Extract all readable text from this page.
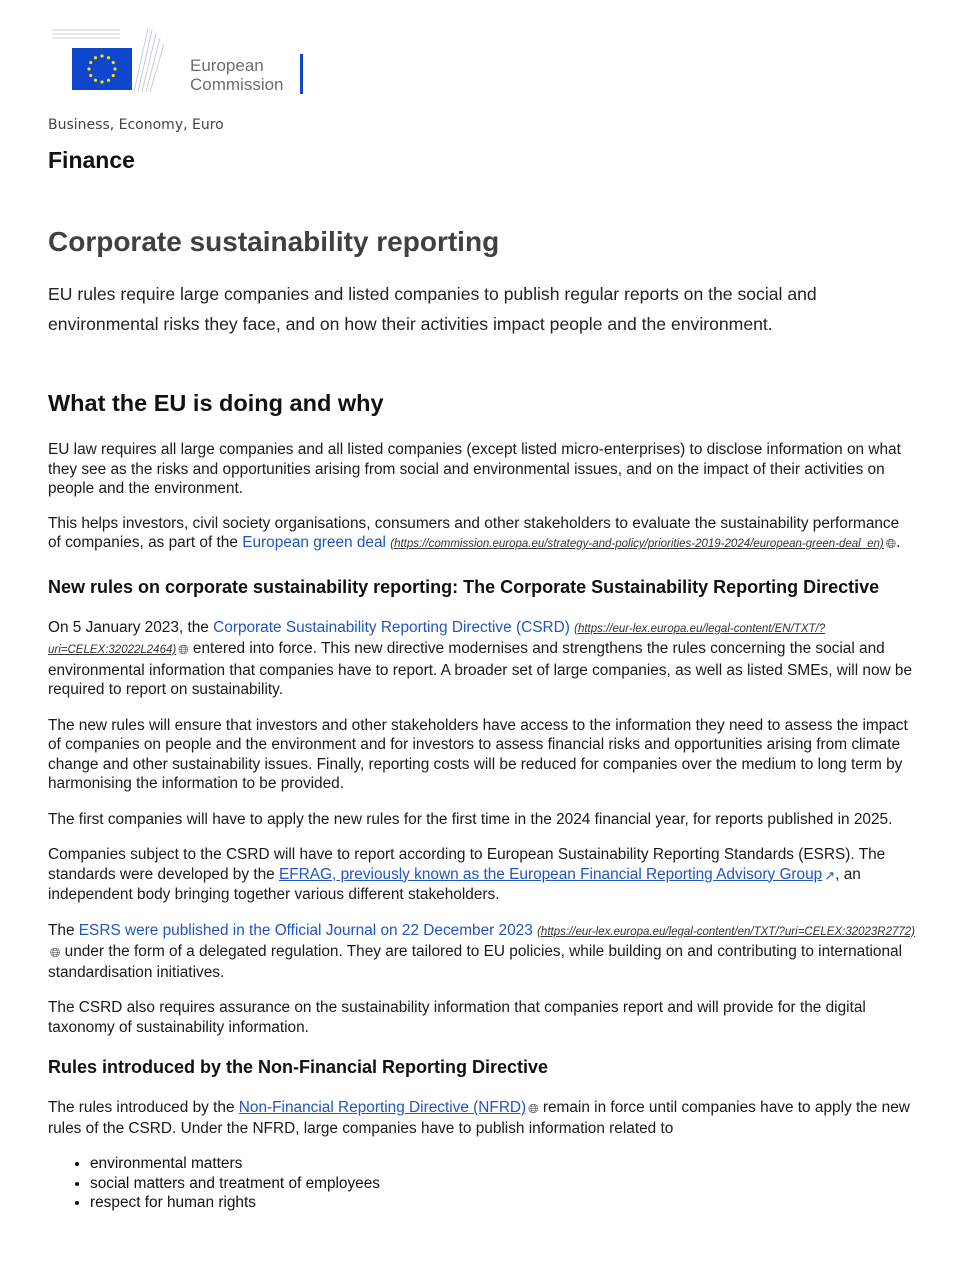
European
Commission
Business, Economy, Euro
Finance
Corporate sustainability reporting

EU rules require large companies and listed companies to publish regular reports on the social and environmental risks they face, and on how their activities impact people and the environment.

What the EU is doing and why

EU law requires all large companies and all listed companies (except listed micro-enterprises) to disclose information on what they see as the risks and opportunities arising from social and environmental issues, and on the impact of their activities on people and the environment.

This helps investors, civil society organisations, consumers and other stakeholders to evaluate the sustainability performance of companies, as part of the European green deal (https://commission.europa.eu/strategy-and-policy/priorities-2019-2024/european-green-deal_en) 🌐︎.

New rules on corporate sustainability reporting: The Corporate Sustainability Reporting Directive

On 5 January 2023, the Corporate Sustainability Reporting Directive (CSRD) (https://eur-lex.europa.eu/legal-content/EN/TXT/?uri=CELEX:32022L2464) 🌐︎ entered into force. This new directive modernises and strengthens the rules concerning the social and environmental information that companies have to report. A broader set of large companies, as well as listed SMEs, will now be required to report on sustainability.

The new rules will ensure that investors and other stakeholders have access to the information they need to assess the impact of companies on people and the environment and for investors to assess financial risks and opportunities arising from climate change and other sustainability issues. Finally, reporting costs will be reduced for companies over the medium to long term by harmonising the information to be provided.

The first companies will have to apply the new rules for the first time in the 2024 financial year, for reports published in 2025.

Companies subject to the CSRD will have to report according to European Sustainability Reporting Standards (ESRS). The standards were developed by the EFRAG, previously known as the European Financial Reporting Advisory Group ↗, an independent body bringing together various different stakeholders.

The ESRS were published in the Official Journal on 22 December 2023 (https://eur-lex.europa.eu/legal-content/en/TXT/?uri=CELEX:32023R2772)🌐︎ under the form of a delegated regulation. They are tailored to EU policies, while building on and contributing to international standardisation initiatives.

The CSRD also requires assurance on the sustainability information that companies report and will provide for the digital taxonomy of sustainability information.

Rules introduced by the Non-Financial Reporting Directive

The rules introduced by the Non-Financial Reporting Directive (NFRD) 🌐︎ remain in force until companies have to apply the new rules of the CSRD. Under the NFRD, large companies have to publish information related to

• environmental matters
• social matters and treatment of employees
• respect for human rights
